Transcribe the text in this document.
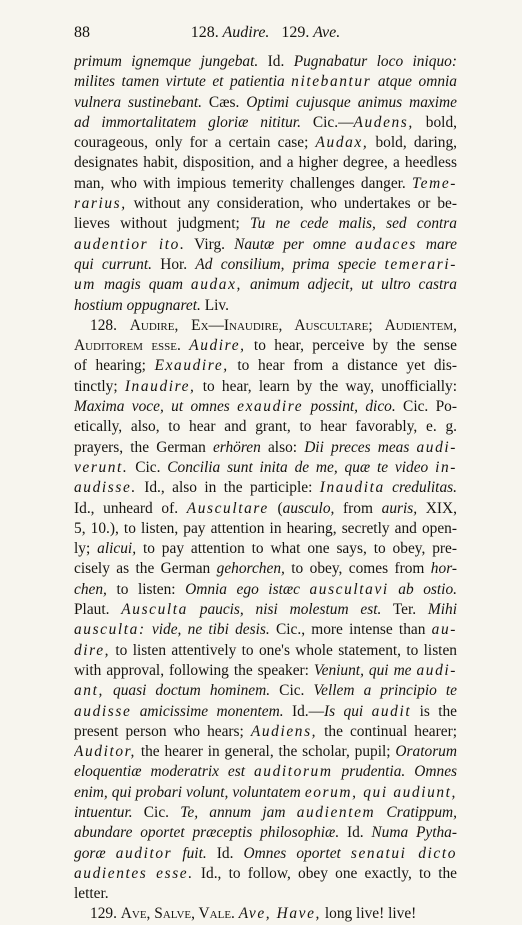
88	128. Audire. 129. Ave.
primum ignemque jungebat. Id. Pugnabatur loco iniquo:
milites tamen virtute et patientia nitebantur atque omnia
vulnera sustinebant. Cæs. Optimi cujusque animus maxime
ad immortalitatem gloriæ nititur. Cic.—Audens, bold,
courageous, only for a certain case; Audax, bold, daring,
designates habit, disposition, and a higher degree, a heedless
man, who with impious temerity challenges danger. Teme-
rarius, without any consideration, who undertakes or be-
lieves without judgment; Tu ne cede malis, sed contra
audentior ito. Virg. Nautæ per omne audaces mare
qui currunt. Hor. Ad consilium, prima specie temerari-
um magis quam audax, animum adjecit, ut ultro castra
hostium oppugnaret. Liv.
128. Audire, Ex—Inaudire, Auscultare; Audientem,
Auditorem esse. Audire, to hear, perceive by the sense
of hearing; Exaudire, to hear from a distance yet dis-
tinctly; Inaudire, to hear, learn by the way, unofficially:
Maxima voce, ut omnes exaudire possint, dico. Cic. Po-
etically, also, to hear and grant, to hear favorably, e. g.
prayers, the German erhören also: Dii preces meas audi-
verunt. Cic. Concilia sunt inita de me, quæ te video in-
audisse. Id., also in the participle: Inaudita credulitas.
Id., unheard of. Auscultare (ausculo, from auris, XIX,
5, 10.), to listen, pay attention in hearing, secretly and open-
ly; alicui, to pay attention to what one says, to obey, pre-
cisely as the German gehorchen, to obey, comes from hor-
chen, to listen: Omnia ego istæc auscultavi ab ostio.
Plaut. Ausculta paucis, nisi molestum est. Ter. Mihi
ausculta: vide, ne tibi desis. Cic., more intense than au-
dire, to listen attentively to one's whole statement, to listen
with approval, following the speaker: Veniunt, qui me audi-
ant, quasi doctum hominem. Cic. Vellem a principio te
audisse amicissime monentem. Id.—Is qui audit is the
present person who hears; Audiens, the continual hearer;
Auditor, the hearer in general, the scholar, pupil; Oratorum
eloquentiæ moderatrix est auditorum prudentia. Omnes
enim, qui probari volunt, voluntatem eorum, qui audiunt,
intuentur. Cic. Te, annum jam audientem Cratippum,
abundare oportet præceptis philosophiæ. Id. Numa Pytha-
goræ auditor fuit. Id. Omnes oportet senatui dicto
audientes esse. Id., to follow, obey one exactly, to the
letter.
129. Ave, Salve, Vale. Ave, Have, long live! live!
